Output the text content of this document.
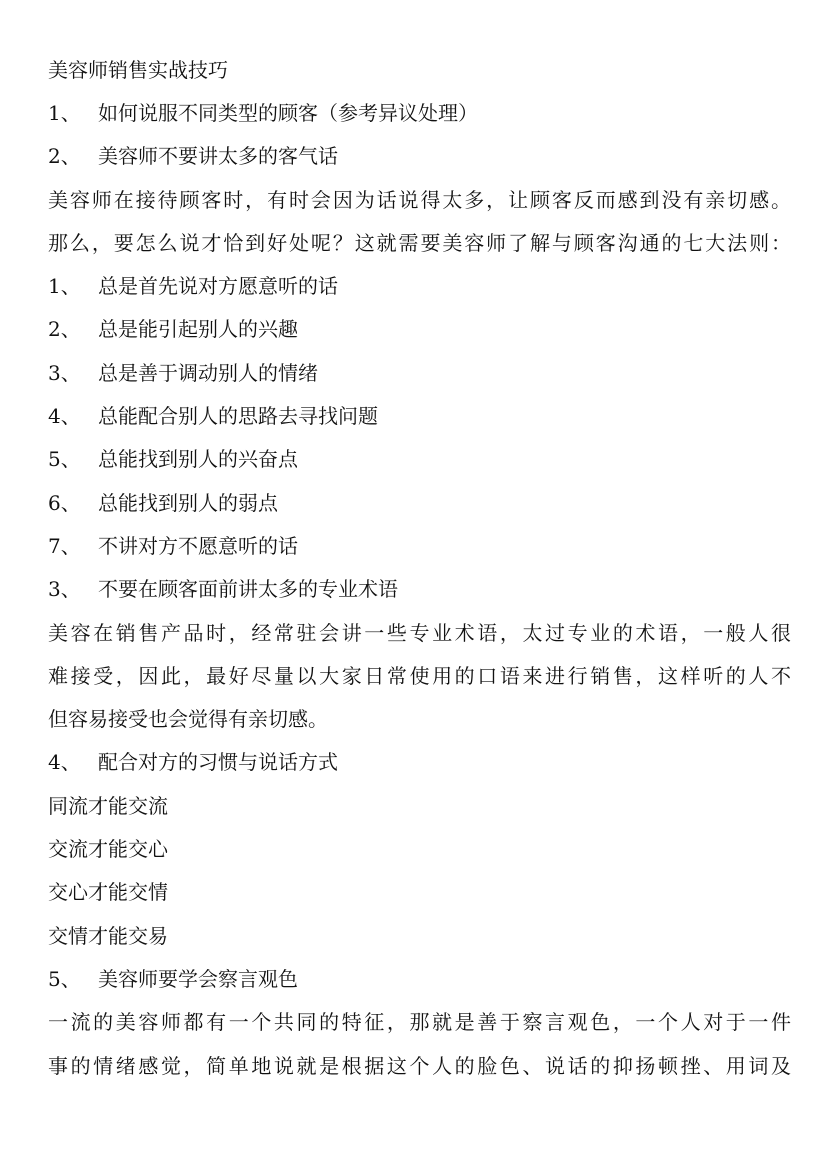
美容师销售实战技巧
1、 如何说服不同类型的顾客（参考异议处理）
2、 美容师不要讲太多的客气话
美容师在接待顾客时，有时会因为话说得太多，让顾客反而感到没有亲切感。
那么，要怎么说才恰到好处呢？这就需要美容师了解与顾客沟通的七大法则：
1、 总是首先说对方愿意听的话
2、 总是能引起别人的兴趣
3、 总是善于调动别人的情绪
4、 总能配合别人的思路去寻找问题
5、 总能找到别人的兴奋点
6、 总能找到别人的弱点
7、 不讲对方不愿意听的话
3、 不要在顾客面前讲太多的专业术语
美容在销售产品时，经常驻会讲一些专业术语，太过专业的术语，一般人很
难接受，因此，最好尽量以大家日常使用的口语来进行销售，这样听的人不
但容易接受也会觉得有亲切感。
4、 配合对方的习惯与说话方式
同流才能交流
交流才能交心
交心才能交情
交情才能交易
5、 美容师要学会察言观色
一流的美容师都有一个共同的特征，那就是善于察言观色，一个人对于一件
事的情绪感觉，简单地说就是根据这个人的脸色、说话的抑扬顿挫、用词及
